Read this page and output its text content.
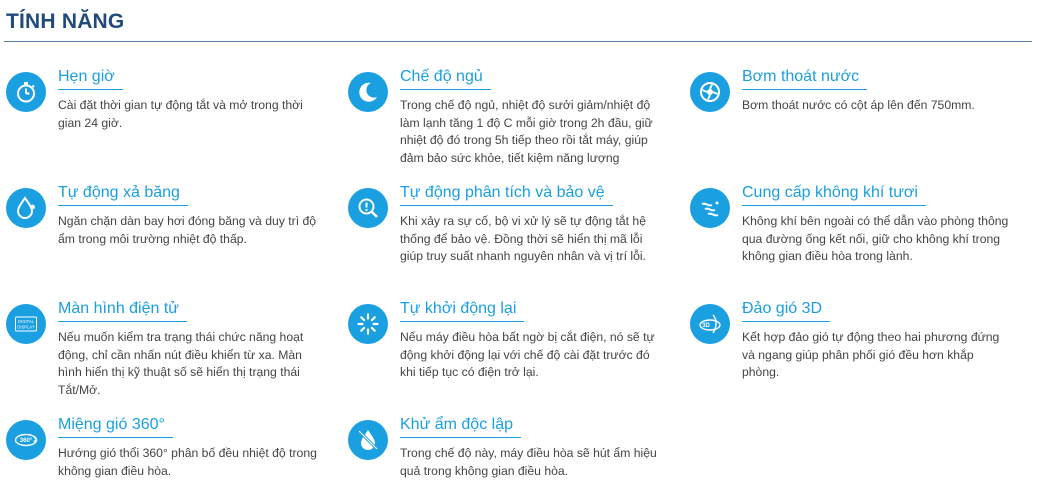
TÍNH NĂNG
Hẹn giờ
Cài đặt thời gian tự động tắt và mở trong thời gian 24 giờ.
Chế độ ngủ
Trong chế độ ngủ, nhiệt độ sưởi giảm/nhiệt độ làm lạnh tăng 1 độ C mỗi giờ trong 2h đầu, giữ nhiệt độ đó trong 5h tiếp theo rồi tắt máy, giúp đảm bảo sức khỏe, tiết kiệm năng lượng
Bơm thoát nước
Bơm thoát nước có cột áp lên đến 750mm.
Tự động xả băng
Ngăn chặn dàn bay hơi đóng băng và duy trì độ ẩm trong môi trường nhiệt độ thấp.
Tự động phân tích và bảo vệ
Khi xảy ra sự cố, bộ vi xử lý sẽ tự động tắt hệ thống để bảo vệ. Đồng thời sẽ hiển thị mã lỗi giúp truy suất nhanh nguyên nhân và vị trí lỗi.
Cung cấp không khí tươi
Không khí bên ngoài có thể dẫn vào phòng thông qua đường ống kết nối, giữ cho không khí trong không gian điều hòa trong lành.
DIGITAL
DISPLAY
Màn hình điện tử
Nếu muốn kiểm tra trạng thái chức năng hoạt động, chỉ cần nhấn nút điều khiển từ xa. Màn hình hiển thị kỹ thuật số sẽ hiển thị trạng thái Tắt/Mở.
Tự khởi động lại
Nếu máy điều hòa bất ngờ bị cắt điện, nó sẽ tự động khởi động lại với chế độ cài đặt trước đó khi tiếp tục có điện trở lại.
3D
Đảo gió 3D
Kết hợp đảo gió tự động theo hai phương đứng và ngang giúp phân phối gió đều hơn khắp phòng.
360°
Miệng gió 360°
Hướng gió thổi 360° phân bố đều nhiệt độ trong không gian điều hòa.
Khử ẩm độc lập
Trong chế độ này, máy điều hòa sẽ hút ẩm hiệu quả trong không gian điều hòa.
